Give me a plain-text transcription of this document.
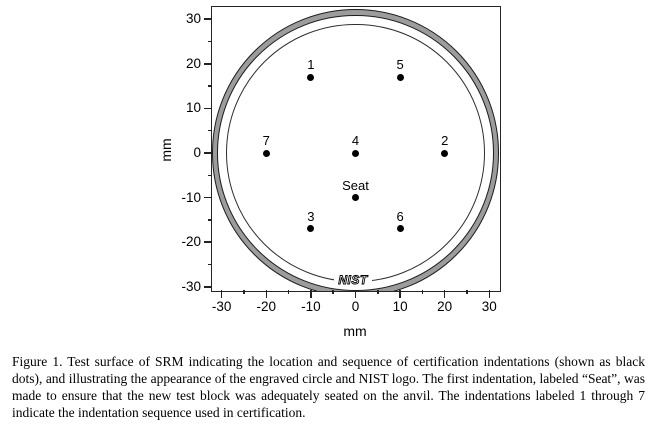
NIST
1	5
7	4	2
Seat
3	6
30
20
10
0
-10
-20
-30
-30 -20 -10 0 10 20 30
mm
mm

Figure 1. Test surface of SRM indicating the location and sequence of certification indentations (shown as black dots), and illustrating the appearance of the engraved circle and NIST logo. The first indentation, labeled “Seat”, was made to ensure that the new test block was adequately seated on the anvil. The indentations labeled 1 through 7 indicate the indentation sequence used in certification.
